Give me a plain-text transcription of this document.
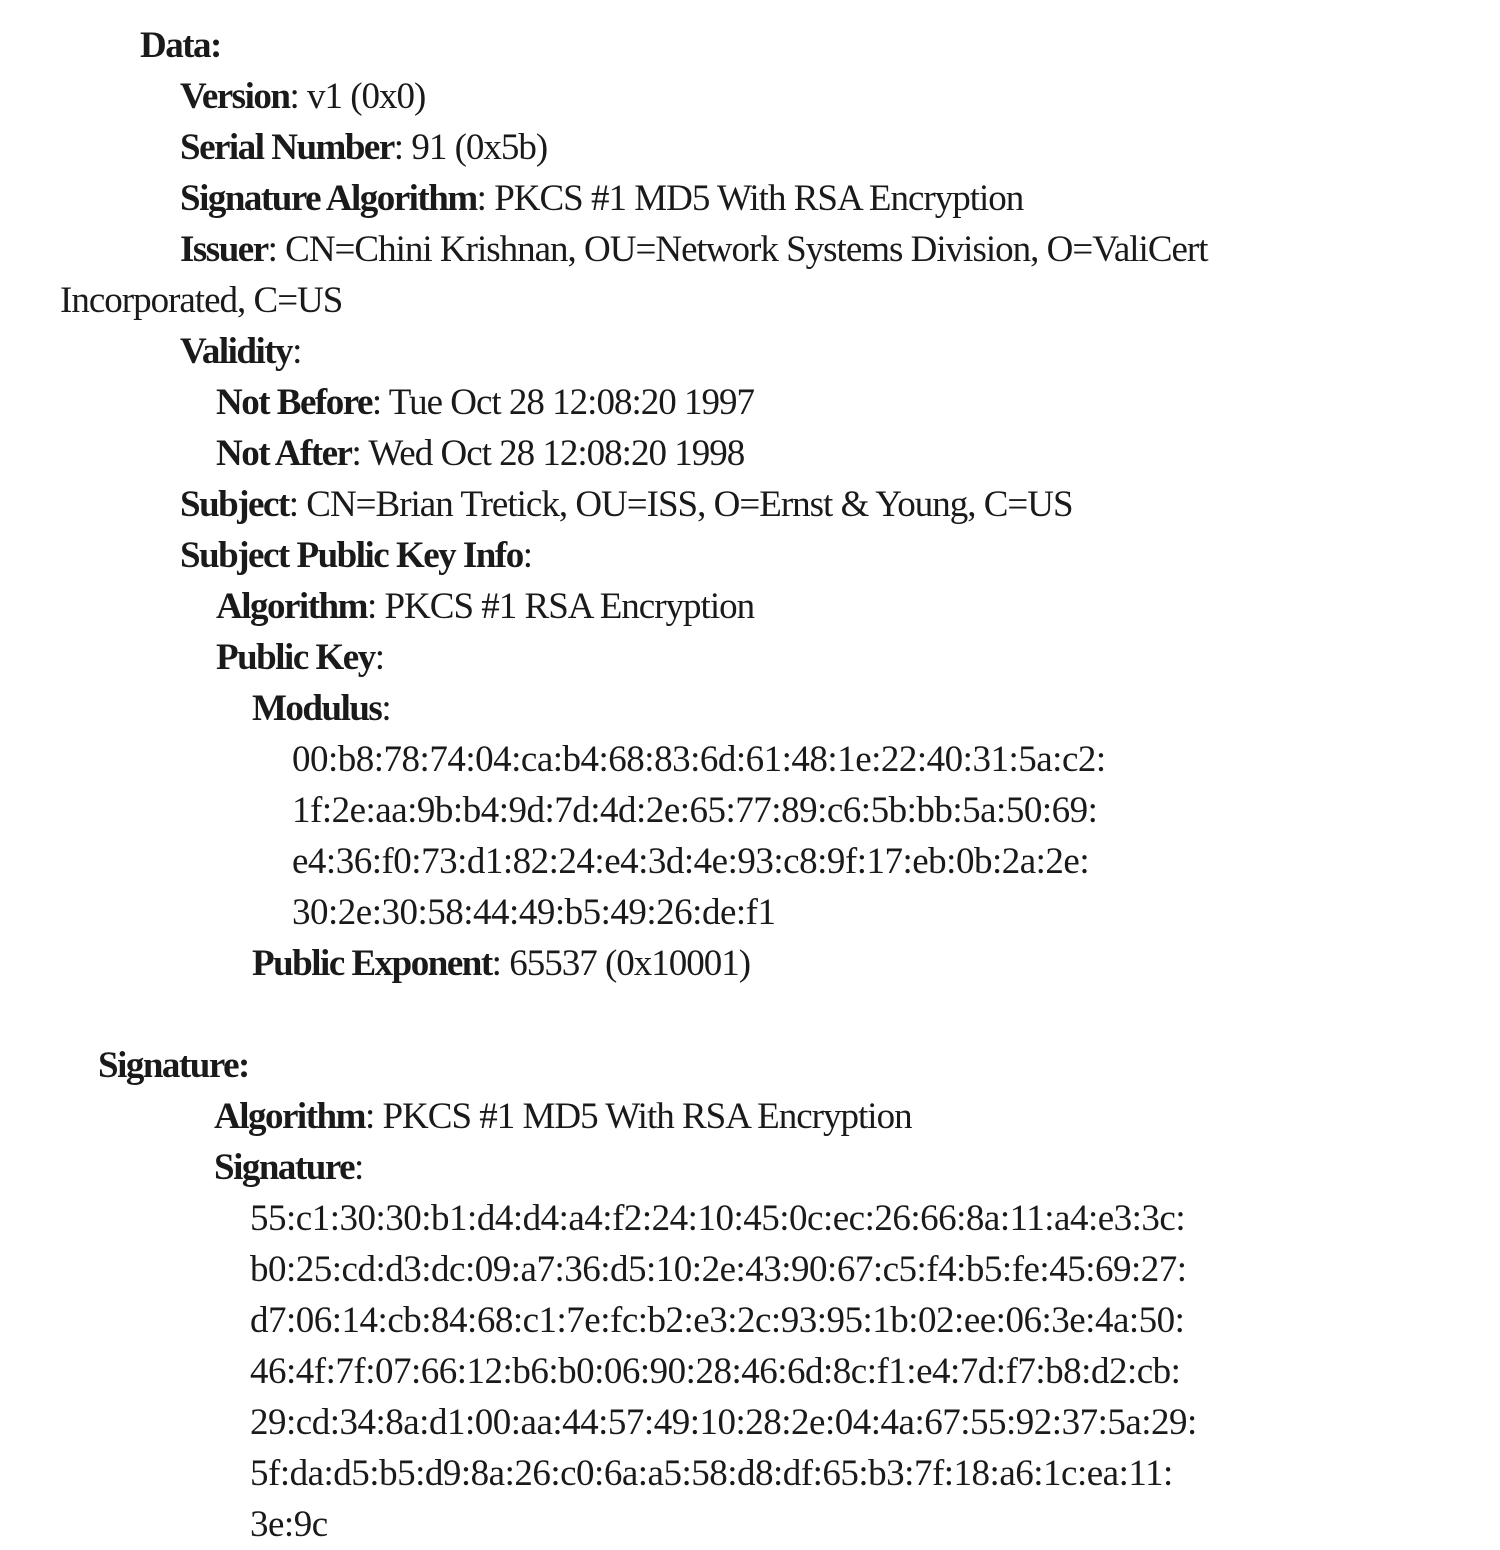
Data:
Version: v1 (0x0)
Serial Number: 91 (0x5b)
Signature Algorithm: PKCS #1 MD5 With RSA Encryption
Issuer: CN=Chini Krishnan, OU=Network Systems Division, O=ValiCert
Incorporated, C=US
Validity:
Not Before: Tue Oct 28 12:08:20 1997
Not After: Wed Oct 28 12:08:20 1998
Subject: CN=Brian Tretick, OU=ISS, O=Ernst & Young, C=US
Subject Public Key Info:
Algorithm: PKCS #1 RSA Encryption
Public Key:
Modulus:
00:b8:78:74:04:ca:b4:68:83:6d:61:48:1e:22:40:31:5a:c2:
1f:2e:aa:9b:b4:9d:7d:4d:2e:65:77:89:c6:5b:bb:5a:50:69:
e4:36:f0:73:d1:82:24:e4:3d:4e:93:c8:9f:17:eb:0b:2a:2e:
30:2e:30:58:44:49:b5:49:26:de:f1
Public Exponent: 65537 (0x10001)
Signature:
Algorithm: PKCS #1 MD5 With RSA Encryption
Signature:
55:c1:30:30:b1:d4:d4:a4:f2:24:10:45:0c:ec:26:66:8a:11:a4:e3:3c:
b0:25:cd:d3:dc:09:a7:36:d5:10:2e:43:90:67:c5:f4:b5:fe:45:69:27:
d7:06:14:cb:84:68:c1:7e:fc:b2:e3:2c:93:95:1b:02:ee:06:3e:4a:50:
46:4f:7f:07:66:12:b6:b0:06:90:28:46:6d:8c:f1:e4:7d:f7:b8:d2:cb:
29:cd:34:8a:d1:00:aa:44:57:49:10:28:2e:04:4a:67:55:92:37:5a:29:
5f:da:d5:b5:d9:8a:26:c0:6a:a5:58:d8:df:65:b3:7f:18:a6:1c:ea:11:
3e:9c
